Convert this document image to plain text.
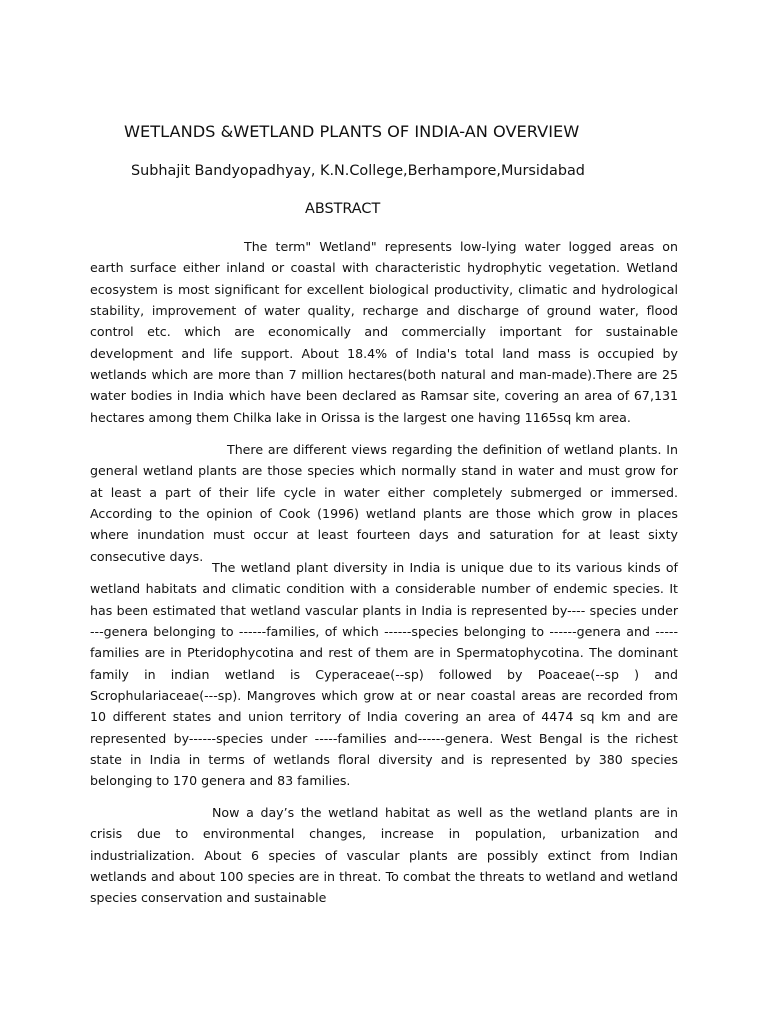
WETLANDS &WETLAND PLANTS OF INDIA-AN OVERVIEW
Subhajit Bandyopadhyay, K.N.College,Berhampore,Mursidabad
ABSTRACT

The term" Wetland" represents low-lying water logged areas on earth surface either inland or coastal with characteristic hydrophytic vegetation. Wetland ecosystem is most significant for excellent biological productivity, climatic and hydrological stability, improvement of water quality, recharge and discharge of ground water, flood control etc. which are economically and commercially important for sustainable development and life support. About 18.4% of India's total land mass is occupied by wetlands which are more than 7 million hectares(both natural and man-made).There are 25 water bodies in India which have been declared as Ramsar site, covering an area of 67,131 hectares among them Chilka lake in Orissa is the largest one having 1165sq km area.

There are different views regarding the definition of wetland plants. In general wetland plants are those species which normally stand in water and must grow for at least a part of their life cycle in water either completely submerged or immersed. According to the opinion of Cook (1996) wetland plants are those which grow in places where inundation must occur at least fourteen days and saturation for at least sixty consecutive days.

The wetland plant diversity in India is unique due to its various kinds of wetland habitats and climatic condition with a considerable number of endemic species. It has been estimated that wetland vascular plants in India is represented by---- species under ---genera belonging to ------families, of which ------species belonging to ------genera and -----families are in Pteridophycotina and rest of them are in Spermatophycotina. The dominant family in indian wetland is Cyperaceae(--sp) followed by Poaceae(--sp ) and Scrophulariaceae(---sp). Mangroves which grow at or near coastal areas are recorded from 10 different states and union territory of India covering an area of 4474 sq km and are represented by------species under -----families and------genera. West Bengal is the richest state in India in terms of wetlands floral diversity and is represented by 380 species belonging to 170 genera and 83 families.

Now a day’s the wetland habitat as well as the wetland plants are in crisis due to environmental changes, increase in population, urbanization and industrialization. About 6 species of vascular plants are possibly extinct from Indian wetlands and about 100 species are in threat. To combat the threats to wetland and wetland species conservation and sustainable
